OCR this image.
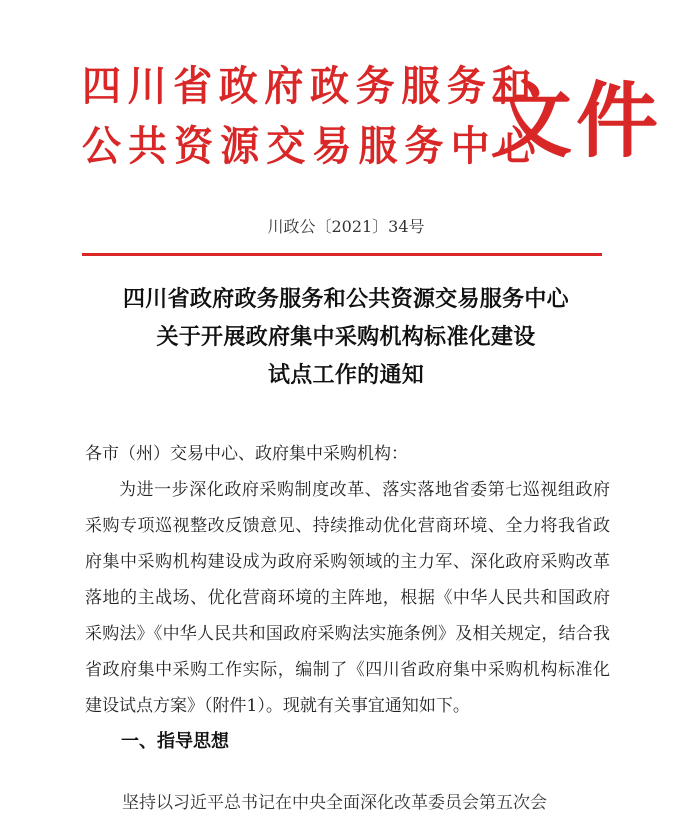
四川省政府政务服务和
公共资源交易服务中心
文件
川政公〔2021〕34号
四川省政府政务服务和公共资源交易服务中心
关于开展政府集中采购机构标准化建设
试点工作的通知
各市（州）交易中心、政府集中采购机构：

为进一步深化政府采购制度改革、落实落地省委第七巡视组政府采购专项巡视整改反馈意见、持续推动优化营商环境、全力将我省政府集中采购机构建设成为政府采购领域的主力军、深化政府采购改革落地的主战场、优化营商环境的主阵地，根据《中华人民共和国政府采购法》《中华人民共和国政府采购法实施条例》及相关规定，结合我省政府集中采购工作实际，编制了《四川省政府集中采购机构标准化建设试点方案》（附件1）。现就有关事宜通知如下。

一、指导思想
坚持以习近平总书记在中央全面深化改革委员会第五次会
